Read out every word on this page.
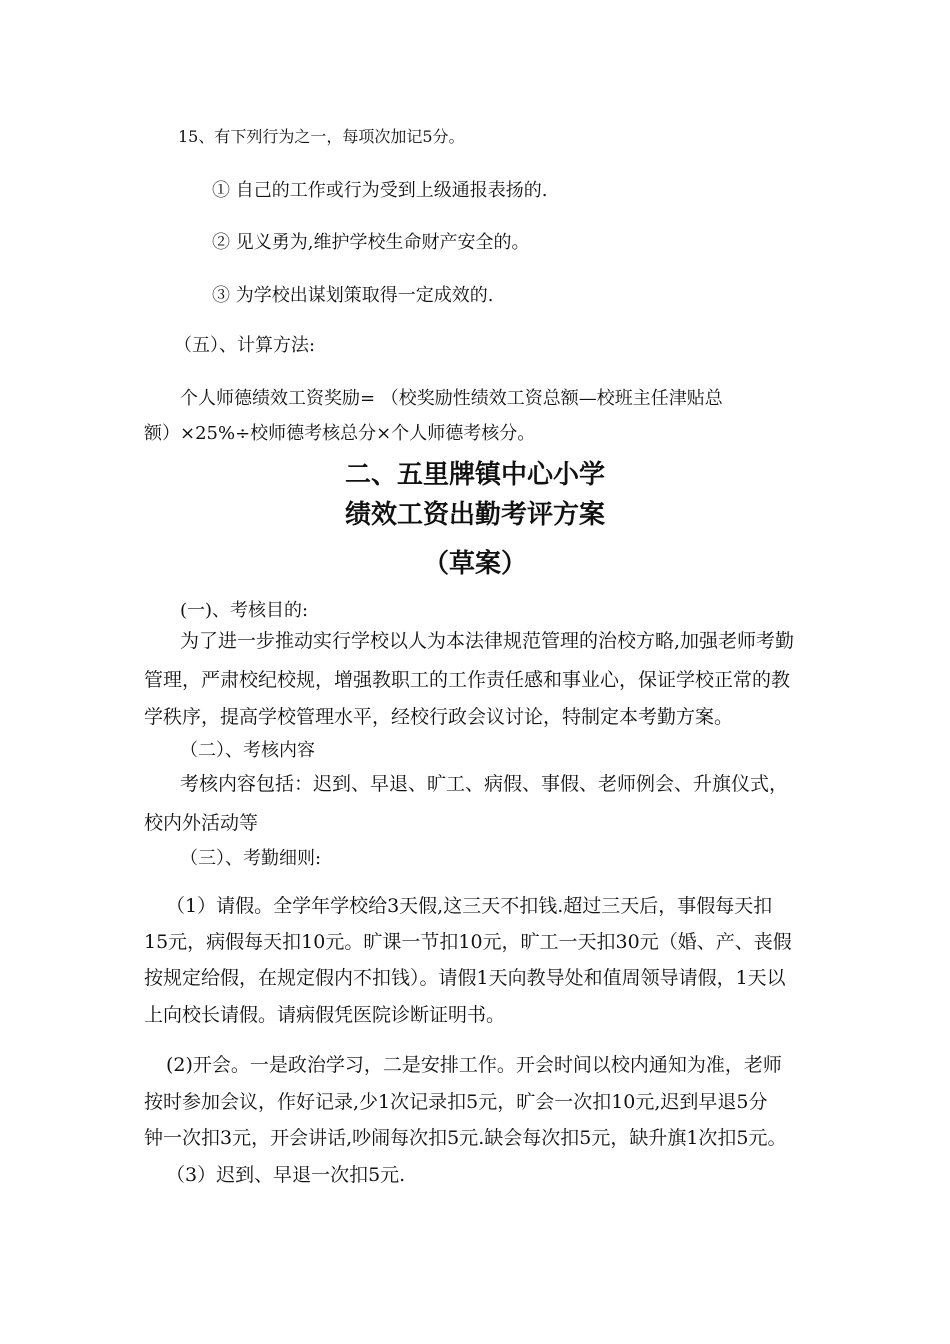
15、有下列行为之一，每项次加记5分。
① 自己的工作或行为受到上级通报表扬的.
② 见义勇为,维护学校生命财产安全的。
③ 为学校出谋划策取得一定成效的.
（五）、计算方法:
个人师德绩效工资奖励= （校奖励性绩效工资总额—校班主任津贴总
额）×25%÷校师德考核总分×个人师德考核分。
二、五里牌镇中心小学
绩效工资出勤考评方案
（草案）
(一)、考核目的:
为了进一步推动实行学校以人为本法律规范管理的治校方略,加强老师考勤
管理，严肃校纪校规，增强教职工的工作责任感和事业心，保证学校正常的教
学秩序，提高学校管理水平，经校行政会议讨论，特制定本考勤方案。
（二）、考核内容
考核内容包括：迟到、早退、旷工、病假、事假、老师例会、升旗仪式，
校内外活动等
（三）、考勤细则:
（1）请假。全学年学校给3天假,这三天不扣钱.超过三天后，事假每天扣
15元，病假每天扣10元。旷课一节扣10元，旷工一天扣30元（婚、产、丧假
按规定给假，在规定假内不扣钱）。请假1天向教导处和值周领导请假，1天以
上向校长请假。请病假凭医院诊断证明书。
(2)开会。一是政治学习，二是安排工作。开会时间以校内通知为准，老师
按时参加会议，作好记录,少1次记录扣5元，旷会一次扣10元,迟到早退5分
钟一次扣3元，开会讲话,吵闹每次扣5元.缺会每次扣5元，缺升旗1次扣5元。
（3）迟到、早退一次扣5元.
